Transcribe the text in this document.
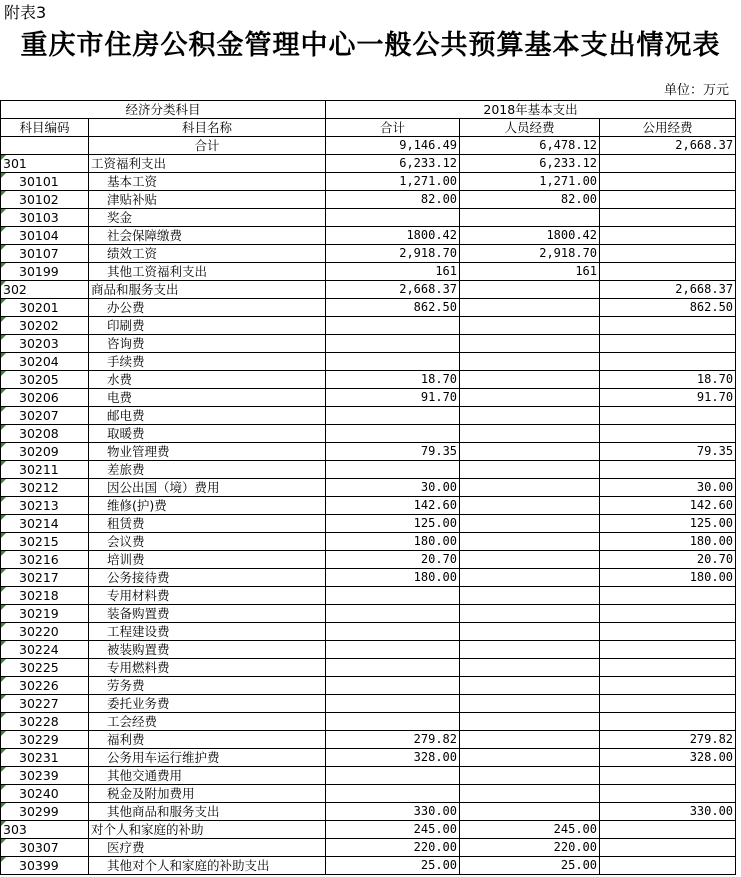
附表3
重庆市住房公积金管理中心一般公共预算基本支出情况表
单位：万元
经济分类科目		2018年基本支出		
科目编码	科目名称	合计	人员经费	公用经费
	合计	9,146.49	6,478.12	2,668.37
301	工资福利支出	6,233.12	6,233.12	
30101	基本工资	1,271.00	1,271.00	
30102	津贴补贴	82.00	82.00	
30103	奖金			
30104	社会保障缴费	1800.42	1800.42	
30107	绩效工资	2,918.70	2,918.70	
30199	其他工资福利支出	161	161	
302	商品和服务支出	2,668.37		2,668.37
30201	办公费	862.50		862.50
30202	印刷费			
30203	咨询费			
30204	手续费			
30205	水费	18.70		18.70
30206	电费	91.70		91.70
30207	邮电费			
30208	取暖费			
30209	物业管理费	79.35		79.35
30211	差旅费			
30212	因公出国（境）费用	30.00		30.00
30213	维修(护)费	142.60		142.60
30214	租赁费	125.00		125.00
30215	会议费	180.00		180.00
30216	培训费	20.70		20.70
30217	公务接待费	180.00		180.00
30218	专用材料费			
30219	装备购置费			
30220	工程建设费			
30224	被装购置费			
30225	专用燃料费			
30226	劳务费			
30227	委托业务费			
30228	工会经费			
30229	福利费	279.82		279.82
30231	公务用车运行维护费	328.00		328.00
30239	其他交通费用			
30240	税金及附加费用			
30299	其他商品和服务支出	330.00		330.00
303	对个人和家庭的补助	245.00	245.00	
30307	医疗费	220.00	220.00	
30399	其他对个人和家庭的补助支出	25.00	25.00	
